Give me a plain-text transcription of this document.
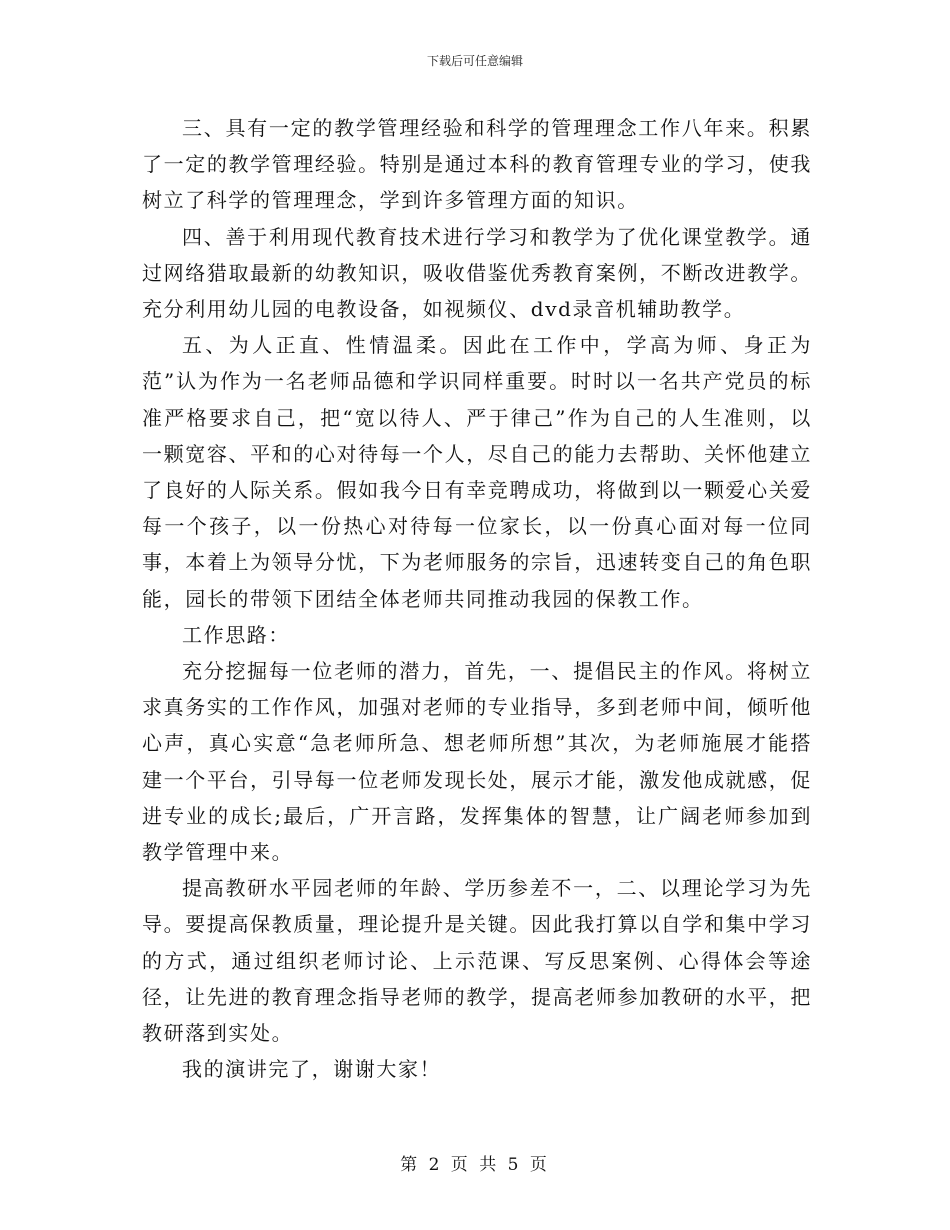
下载后可任意编辑

三、具有一定的教学管理经验和科学的管理理念工作八年来。积累了一定的教学管理经验。特别是通过本科的教育管理专业的学习，使我树立了科学的管理理念，学到许多管理方面的知识。

四、善于利用现代教育技术进行学习和教学为了优化课堂教学。通过网络猎取最新的幼教知识，吸收借鉴优秀教育案例，不断改进教学。充分利用幼儿园的电教设备，如视频仪、dvd录音机辅助教学。

五、为人正直、性情温柔。因此在工作中，学高为师、身正为范”认为作为一名老师品德和学识同样重要。时时以一名共产党员的标准严格要求自己，把“宽以待人、严于律己”作为自己的人生准则，以一颗宽容、平和的心对待每一个人，尽自己的能力去帮助、关怀他建立了良好的人际关系。假如我今日有幸竞聘成功，将做到以一颗爱心关爱每一个孩子，以一份热心对待每一位家长，以一份真心面对每一位同事，本着上为领导分忧，下为老师服务的宗旨，迅速转变自己的角色职能，园长的带领下团结全体老师共同推动我园的保教工作。

工作思路：

充分挖掘每一位老师的潜力，首先，一、提倡民主的作风。将树立求真务实的工作作风，加强对老师的专业指导，多到老师中间，倾听他心声，真心实意“急老师所急、想老师所想”其次，为老师施展才能搭建一个平台，引导每一位老师发现长处，展示才能，激发他成就感，促进专业的成长;最后，广开言路，发挥集体的智慧，让广阔老师参加到教学管理中来。

提高教研水平园老师的年龄、学历参差不一，二、以理论学习为先导。要提高保教质量，理论提升是关键。因此我打算以自学和集中学习的方式，通过组织老师讨论、上示范课、写反思案例、心得体会等途径，让先进的教育理念指导老师的教学，提高老师参加教研的水平，把教研落到实处。

我的演讲完了，谢谢大家！

第 2 页 共 5 页
